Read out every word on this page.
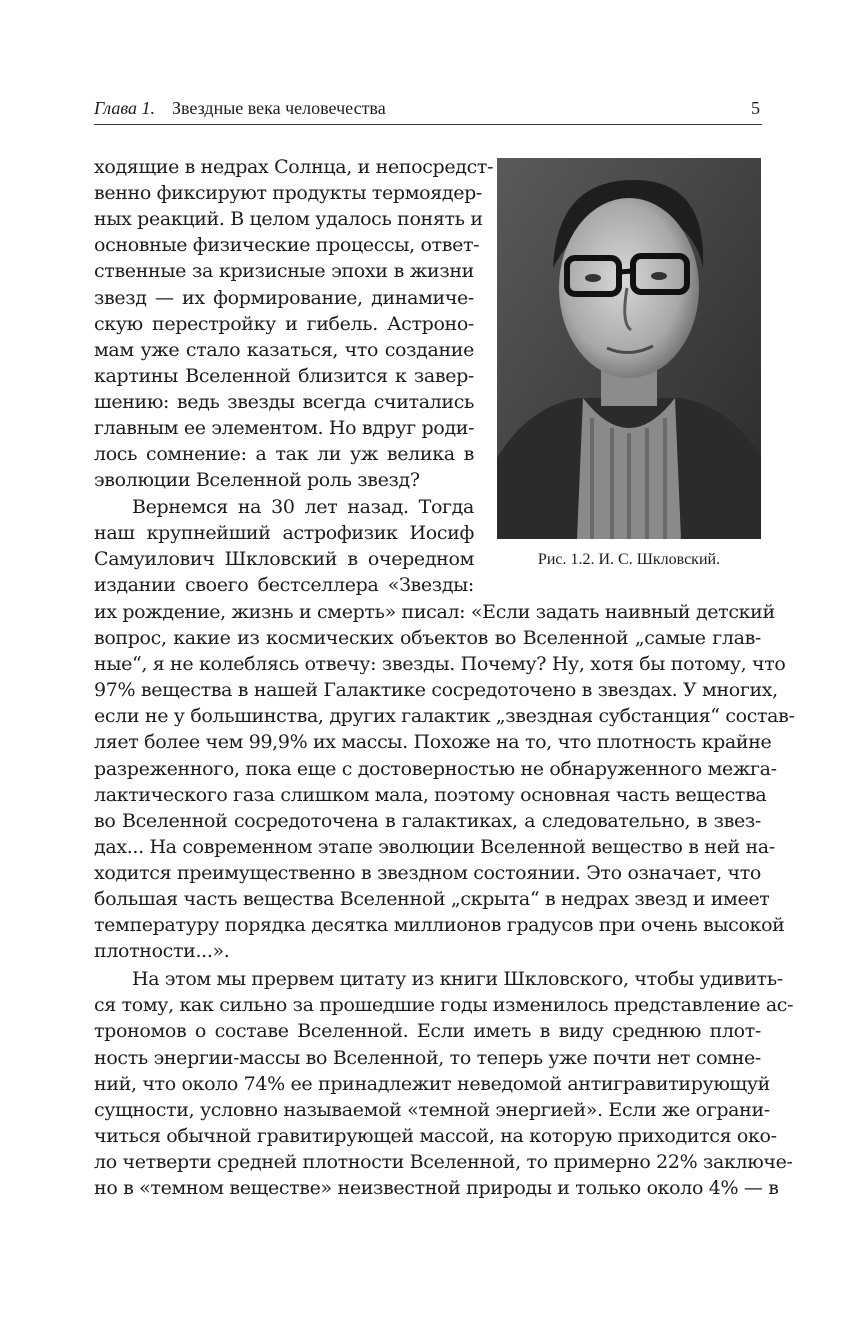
Глава 1. Звездные века человечества	5
Рис. 1.2. И. С. Шкловский.
ходящие в недрах Солнца, и непосредст-
венно фиксируют продукты термоядер-
ных реакций. В целом удалось понять и
основные физические процессы, ответ-
ственные за кризисные эпохи в жизни
звезд — их формирование, динамиче-
скую перестройку и гибель. Астроно-
мам уже стало казаться, что создание
картины Вселенной близится к завер-
шению: ведь звезды всегда считались
главным ее элементом. Но вдруг роди-
лось сомнение: а так ли уж велика в
эволюции Вселенной роль звезд?
Вернемся на 30 лет назад. Тогда
наш крупнейший астрофизик Иосиф
Самуилович Шкловский в очередном
издании своего бестселлера «Звезды:
их рождение, жизнь и смерть» писал: «Если задать наивный детский
вопрос, какие из космических объектов во Вселенной „самые глав-
ные“, я не колеблясь отвечу: звезды. Почему? Ну, хотя бы потому, что
97% вещества в нашей Галактике сосредоточено в звездах. У многих,
если не у большинства, других галактик „звездная субстанция“ состав-
ляет более чем 99,9% их массы. Похоже на то, что плотность крайне
разреженного, пока еще с достоверностью не обнаруженного межга-
лактического газа слишком мала, поэтому основная часть вещества
во Вселенной сосредоточена в галактиках, а следовательно, в звез-
дах... На современном этапе эволюции Вселенной вещество в ней на-
ходится преимущественно в звездном состоянии. Это означает, что
большая часть вещества Вселенной „скрыта“ в недрах звезд и имеет
температуру порядка десятка миллионов градусов при очень высокой
плотности...».
На этом мы прервем цитату из книги Шкловского, чтобы удивить-
ся тому, как сильно за прошедшие годы изменилось представление ас-
трономов о составе Вселенной. Если иметь в виду среднюю плот-
ность энергии-массы во Вселенной, то теперь уже почти нет сомне-
ний, что около 74% ее принадлежит неведомой антигравитирующуй
сущности, условно называемой «темной энергией». Если же ограни-
читься обычной гравитирующей массой, на которую приходится око-
ло четверти средней плотности Вселенной, то примерно 22% заключе-
но в «темном веществе» неизвестной природы и только около 4% — в
